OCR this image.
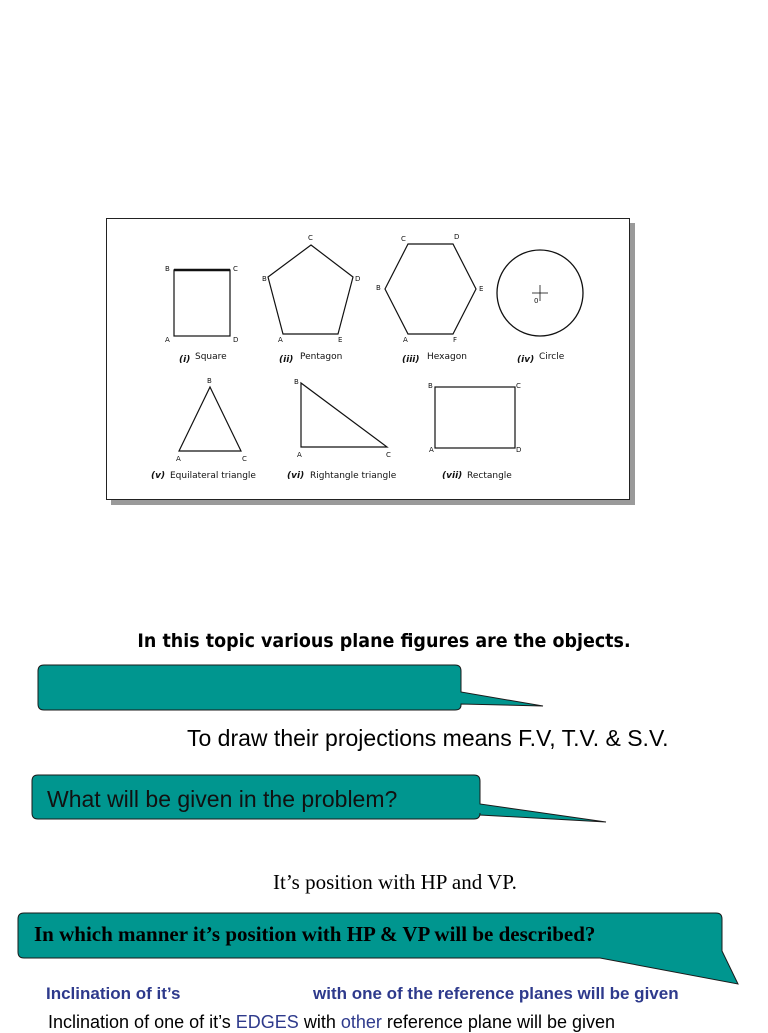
B	C
A	D
(i) Square
C
B	D
A	E
(ii) Pentagon
C	D
B	E
A	F
(iii) Hexagon
0
(iv) Circle
B
A	C
(v) Equilateral triangle
B
A	C
(vi) Rightangle triangle
B	C
A	D
(vii) Rectangle
In this topic various plane figures are the objects.
To draw their projections means F.V, T.V. & S.V.
What will be given in the problem?
It’s position with HP and VP.
In which manner it’s position with HP & VP will be described?
Inclination of it’s	with one of the reference planes will be given
Inclination of one of it’s EDGES with other reference plane will be given
